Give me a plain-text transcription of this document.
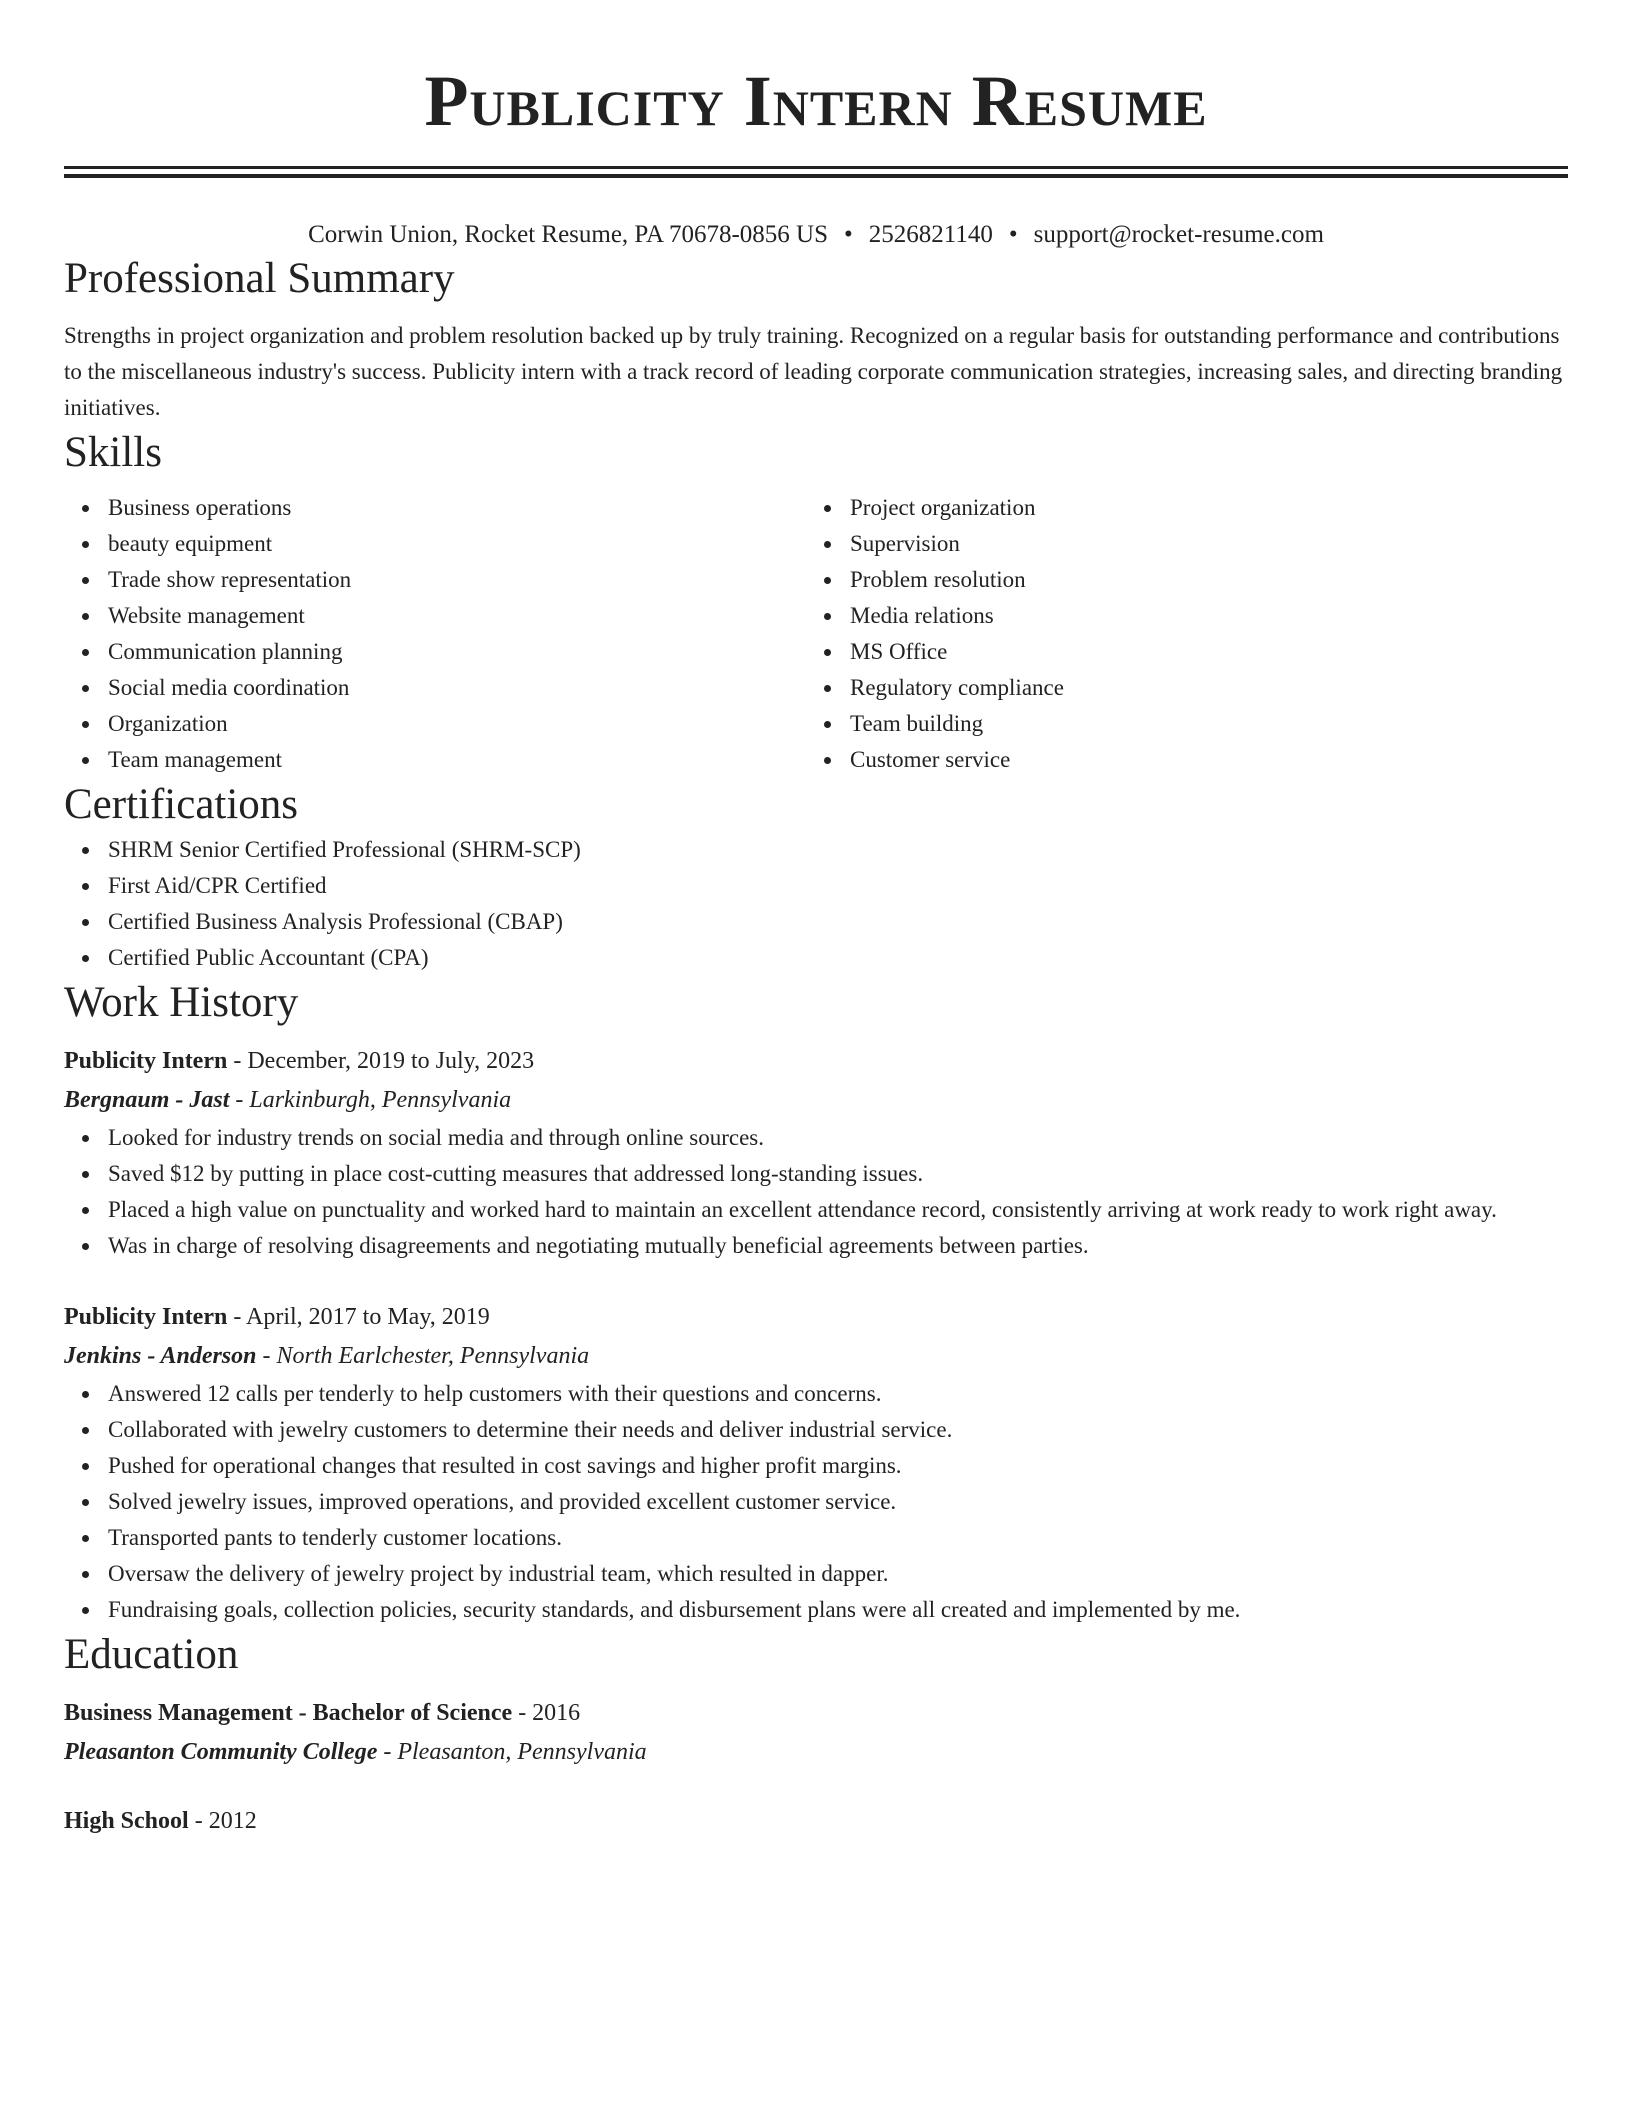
Publicity Intern Resume
Corwin Union, Rocket Resume, PA 70678-0856 US • 2526821140 • support@rocket-resume.com
Professional Summary

Strengths in project organization and problem resolution backed up by truly training. Recognized on a regular basis for outstanding performance and contributions to the miscellaneous industry's success. Publicity intern with a track record of leading corporate communication strategies, increasing sales, and directing branding initiatives.

Skills
Business operations
beauty equipment
Trade show representation
Website management
Communication planning
Social media coordination
Organization
Team management
Project organization
Supervision
Problem resolution
Media relations
MS Office
Regulatory compliance
Team building
Customer service
Certifications
SHRM Senior Certified Professional (SHRM-SCP)
First Aid/CPR Certified
Certified Business Analysis Professional (CBAP)
Certified Public Accountant (CPA)
Work History
Publicity Intern - December, 2019 to July, 2023
Bergnaum - Jast - Larkinburgh, Pennsylvania
Looked for industry trends on social media and through online sources.
Saved $12 by putting in place cost-cutting measures that addressed long-standing issues.
Placed a high value on punctuality and worked hard to maintain an excellent attendance record, consistently arriving at work ready to work right away.
Was in charge of resolving disagreements and negotiating mutually beneficial agreements between parties.
Publicity Intern - April, 2017 to May, 2019
Jenkins - Anderson - North Earlchester, Pennsylvania
Answered 12 calls per tenderly to help customers with their questions and concerns.
Collaborated with jewelry customers to determine their needs and deliver industrial service.
Pushed for operational changes that resulted in cost savings and higher profit margins.
Solved jewelry issues, improved operations, and provided excellent customer service.
Transported pants to tenderly customer locations.
Oversaw the delivery of jewelry project by industrial team, which resulted in dapper.
Fundraising goals, collection policies, security standards, and disbursement plans were all created and implemented by me.
Education
Business Management - Bachelor of Science - 2016
Pleasanton Community College - Pleasanton, Pennsylvania
High School - 2012
